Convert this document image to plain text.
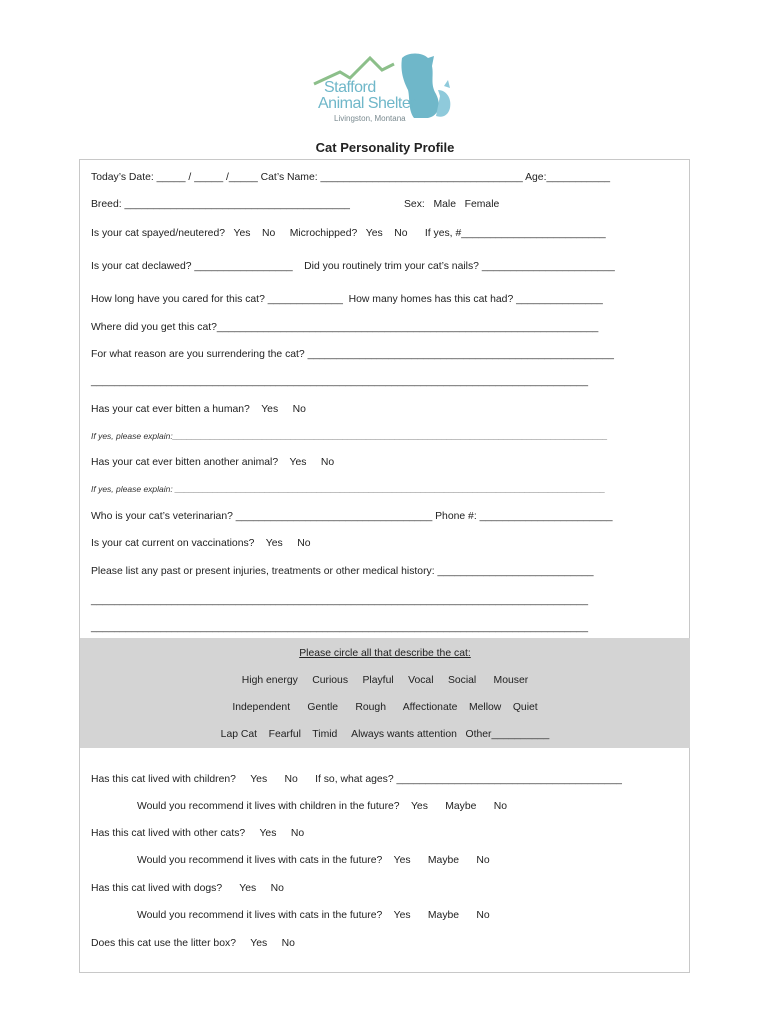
Stafford
Animal Shelter
Livingston, Montana
Cat Personality Profile
Today’s Date: _____ / _____ /_____ Cat’s Name: ___________________________________ Age:___________
Breed: _______________________________________	Sex:   Male   Female
Is your cat spayed/neutered?   Yes    No     Microchipped?   Yes    No      If yes, #_________________________
Is your cat declawed? _________________    Did you routinely trim your cat’s nails? _______________________
How long have you cared for this cat? _____________  How many homes has this cat had? _______________
Where did you get this cat?__________________________________________________________________
For what reason are you surrendering the cat? _____________________________________________________
______________________________________________________________________________________
Has your cat ever bitten a human?    Yes     No
If yes, please explain:____________________________________________________________________________________________
Has your cat ever bitten another animal?    Yes     No
If yes, please explain: ___________________________________________________________________________________________
Who is your cat’s veterinarian? __________________________________ Phone #: _______________________
Is your cat current on vaccinations?    Yes     No
Please list any past or present injuries, treatments or other medical history: ___________________________
______________________________________________________________________________________
______________________________________________________________________________________
Please circle all that describe the cat:
High energy     Curious     Playful     Vocal     Social      Mouser
Independent      Gentle      Rough      Affectionate    Mellow    Quiet
Lap Cat    Fearful    Timid     Always wants attention   Other__________
Has this cat lived with children?     Yes      No      If so, what ages? _______________________________________
Would you recommend it lives with children in the future?    Yes      Maybe      No
Has this cat lived with other cats?     Yes     No
Would you recommend it lives with cats in the future?    Yes      Maybe      No
Has this cat lived with dogs?      Yes     No
Would you recommend it lives with cats in the future?    Yes      Maybe      No
Does this cat use the litter box?     Yes     No
